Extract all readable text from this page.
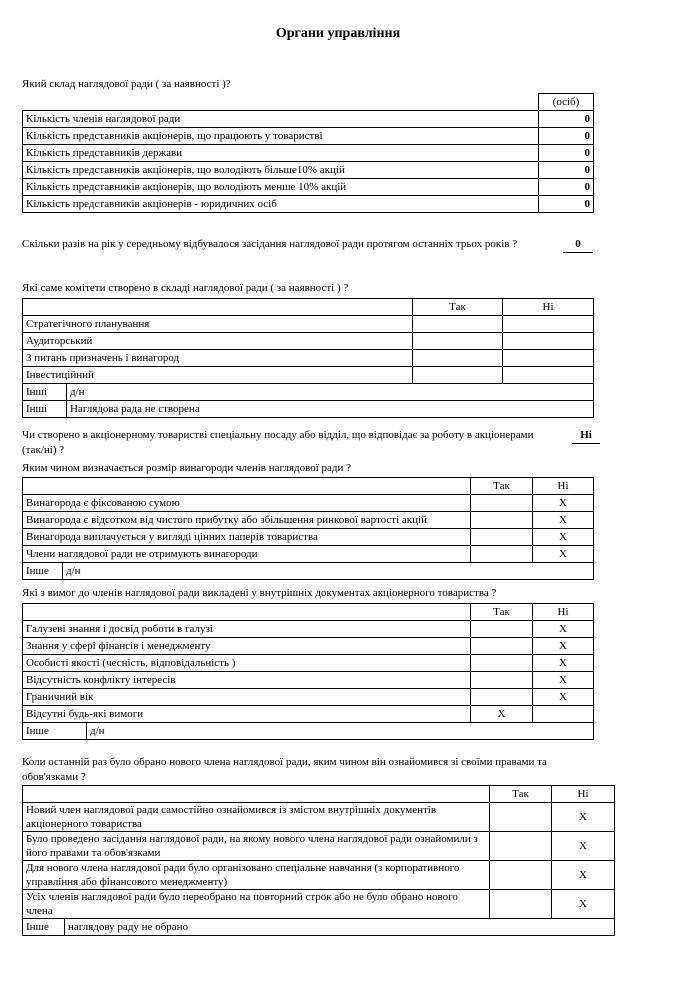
Органи управління
Який склад наглядової ради ( за наявності )?
	(осіб)
Кількість членів наглядової ради	0
Кількість представників акціонерів, що працюють у товаристві	0
Кількість представників держави	0
Кількість представників акціонерів, що володіють більше10% акцій	0
Кількість представників акціонерів, що володіють менше 10% акцій	0
Кількість представників акціонерів - юридичних осіб	0
Скільки разів на рік у середньому відбувалося засідання наглядової ради протягом останніх трьох років ?	0
Які саме комітети створено в складі наглядової ради ( за наявності ) ?
		Так	Ні
Стратегічного планування			
Аудиторський			
З питань призначень і винагород			
Інвестиційний			
Інші	д/н		
Інші	Наглядова рада не створена		
Чи створено в акціонерному товаристві спеціальну посаду або відділ, що відповідає за роботу в акціонерами	Ні
(так/ні) ?
Яким чином визначається розмір винагороди членів наглядової ради ?
		Так	Ні
Винагорода є фіксованою сумою			X
Винагорода є відсотком від чистого прибутку або збільшення ринкової вартості акцій			X
Винагорода виплачується у вигляді цінних паперів товариства			X
Члени наглядової ради не отримують винагороди			X
Інше	д/н		
Які з вимог до членів наглядової ради викладені у внутрішніх документах акціонерного товариства ?
		Так	Ні
Галузеві знання і досвід роботи в галузі			X
Знання у сфері фінансів і менеджменту			X
Особисті якості (чесність, відповідальність )			X
Відсутність конфлікту інтересів			X
Граничний вік			X
Відсутні будь-які вимоги		X	
Інше	д/н		
Коли останній раз було обрано нового члена наглядової ради, яким чином він ознайомився зі своїми правами та обов'язками ?
		Так	Ні
Новий член наглядової ради самостійно ознайомився із змістом внутрішніх документів акціонерного товариства			X
Було проведено засідання наглядової ради, на якому нового члена наглядової ради ознайомили з його правами та обов'язками			X
Для нового члена наглядової ради було організовано спеціальне навчання (з корпоративного управління або фінансового менеджменту)			X
Усіх членів наглядової ради було переобрано на повторний строк або не було обрано нового члена			X
Інше	наглядову раду не обрано		
